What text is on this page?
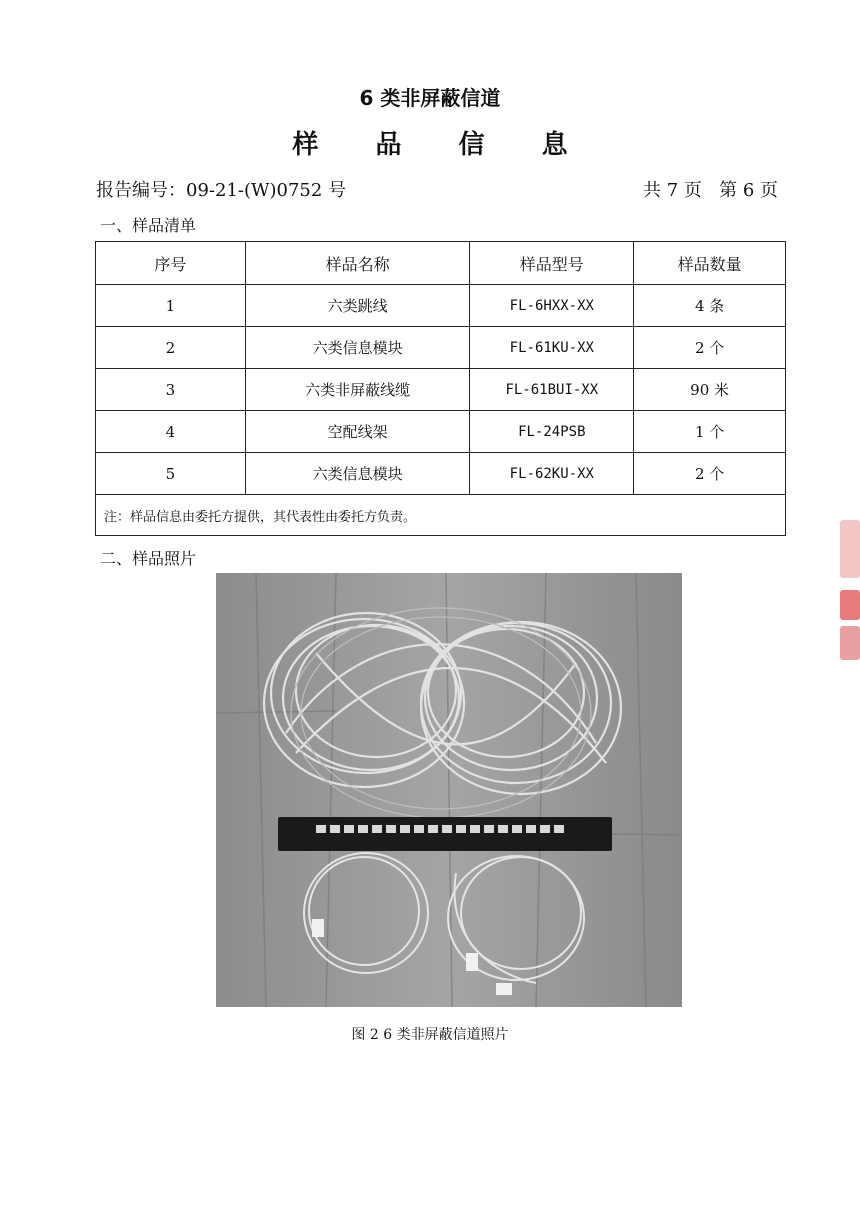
6 类非屏蔽信道
样 品 信 息
报告编号：09-21-(W)0752 号	共 7 页   第 6 页
一、样品清单
序号	样品名称	样品型号	样品数量
1	六类跳线	FL-6HXX-XX	4 条
2	六类信息模块	FL-61KU-XX	2 个
3	六类非屏蔽线缆	FL-61BUI-XX	90 米
4	空配线架	FL-24PSB	1 个
5	六类信息模块	FL-62KU-XX	2 个
注：样品信息由委托方提供，其代表性由委托方负责。			
二、样品照片
图 2 6 类非屏蔽信道照片
